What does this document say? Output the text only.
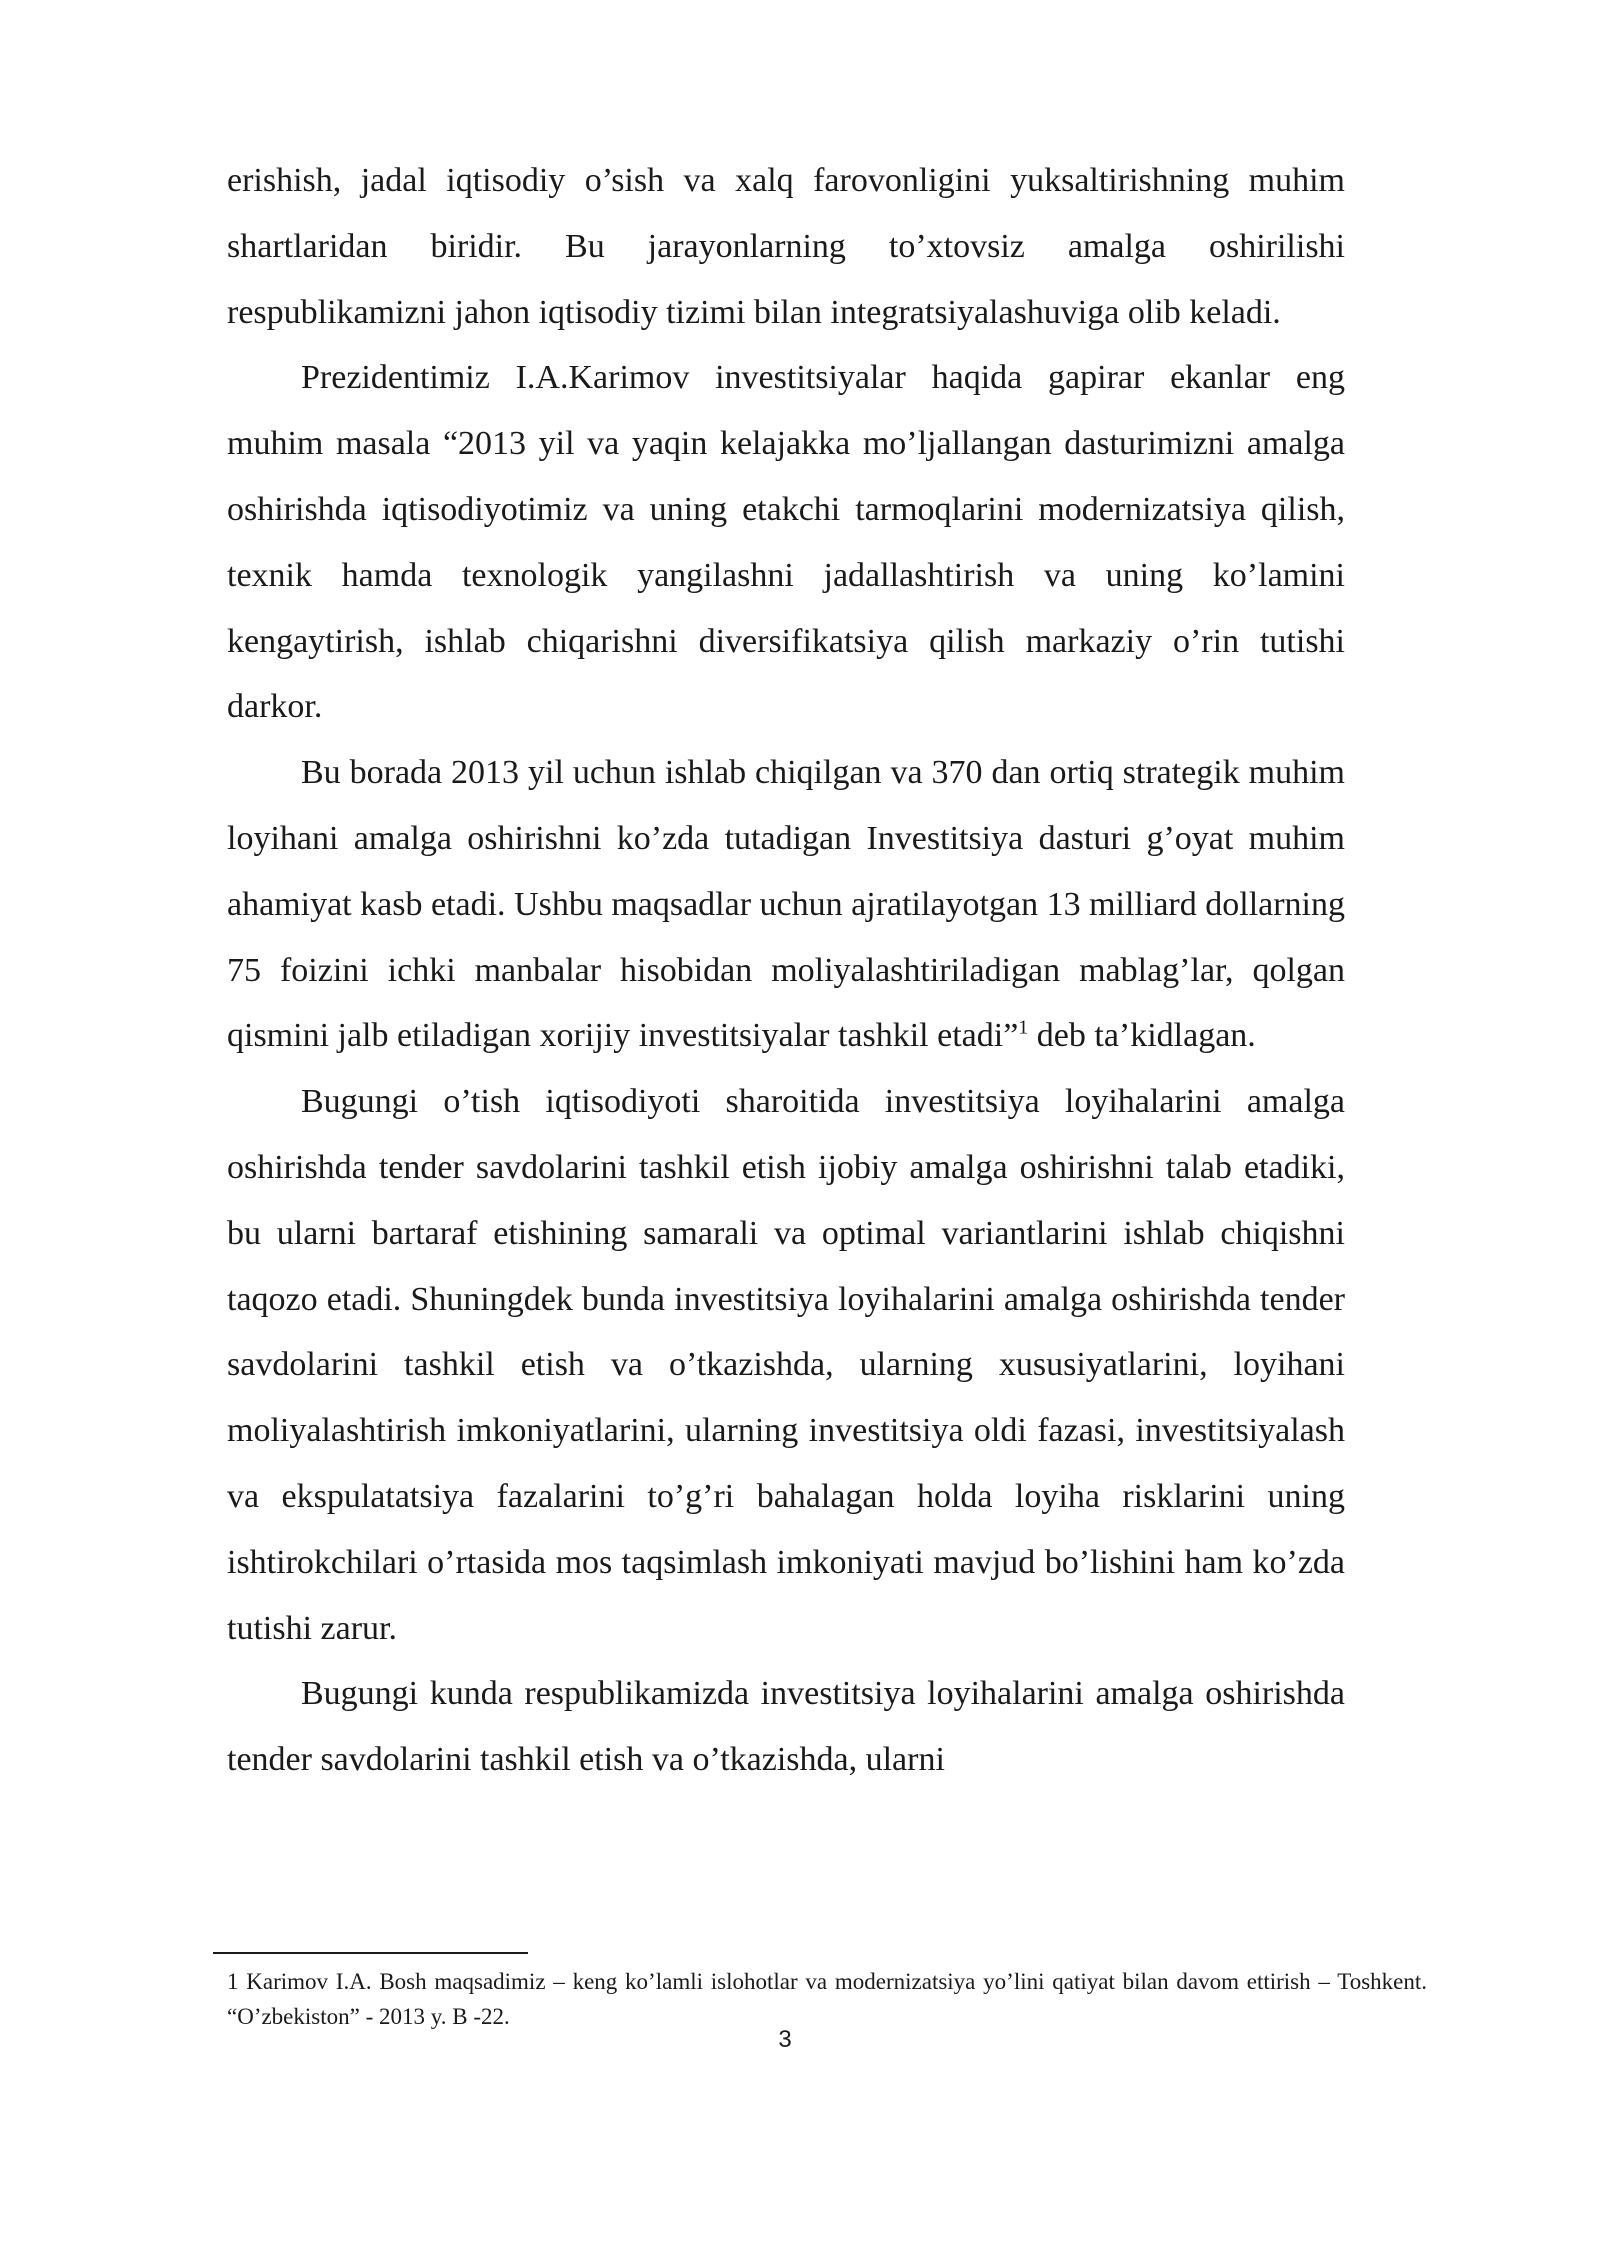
erishish, jadal iqtisodiy o’sish va xalq farovonligini yuksaltirishning muhim shartlaridan biridir. Bu jarayonlarning to’xtovsiz amalga oshirilishi respublikamizni jahon iqtisodiy tizimi bilan integratsiyalashuviga olib keladi.

Prezidentimiz I.A.Karimov investitsiyalar haqida gapirar ekanlar eng muhim masala “2013 yil va yaqin kelajakka mo’ljallangan dasturimizni amalga oshirishda iqtisodiyotimiz va uning etakchi tarmoqlarini modernizatsiya qilish, texnik hamda texnologik yangilashni jadallashtirish va uning ko’lamini kengaytirish, ishlab chiqarishni diversifikatsiya qilish markaziy o’rin tutishi darkor.

Bu borada 2013 yil uchun ishlab chiqilgan va 370 dan ortiq strategik muhim loyihani amalga oshirishni ko’zda tutadigan Investitsiya dasturi g’oyat muhim ahamiyat kasb etadi. Ushbu maqsadlar uchun ajratilayotgan 13 milliard dollarning 75 foizini ichki manbalar hisobidan moliyalashtiriladigan mablag’lar, qolgan qismini jalb etiladigan xorijiy investitsiyalar tashkil etadi”$^1$ deb ta’kidlagan.

Bugungi o’tish iqtisodiyoti sharoitida investitsiya loyihalarini amalga oshirishda tender savdolarini tashkil etish ijobiy amalga oshirishni talab etadiki, bu ularni bartaraf etishining samarali va optimal variantlarini ishlab chiqishni taqozo etadi. Shuningdek bunda investitsiya loyihalarini amalga oshirishda tender savdolarini tashkil etish va o’tkazishda, ularning xususiyatlarini, loyihani moliyalashtirish imkoniyatlarini, ularning investitsiya oldi fazasi, investitsiyalash va ekspulatatsiya fazalarini to’g’ri bahalagan holda loyiha risklarini uning ishtirokchilari o’rtasida mos taqsimlash imkoniyati mavjud bo’lishini ham ko’zda tutishi zarur.

Bugungi kunda respublikamizda investitsiya loyihalarini amalga oshirishda tender savdolarini tashkil etish va o’tkazishda, ularni

1 Karimov I.A. Bosh maqsadimiz – keng ko’lamli islohotlar va modernizatsiya yo’lini qatiyat bilan davom ettirish – Toshkent. “O’zbekiston” - 2013 y. B -22.

3
